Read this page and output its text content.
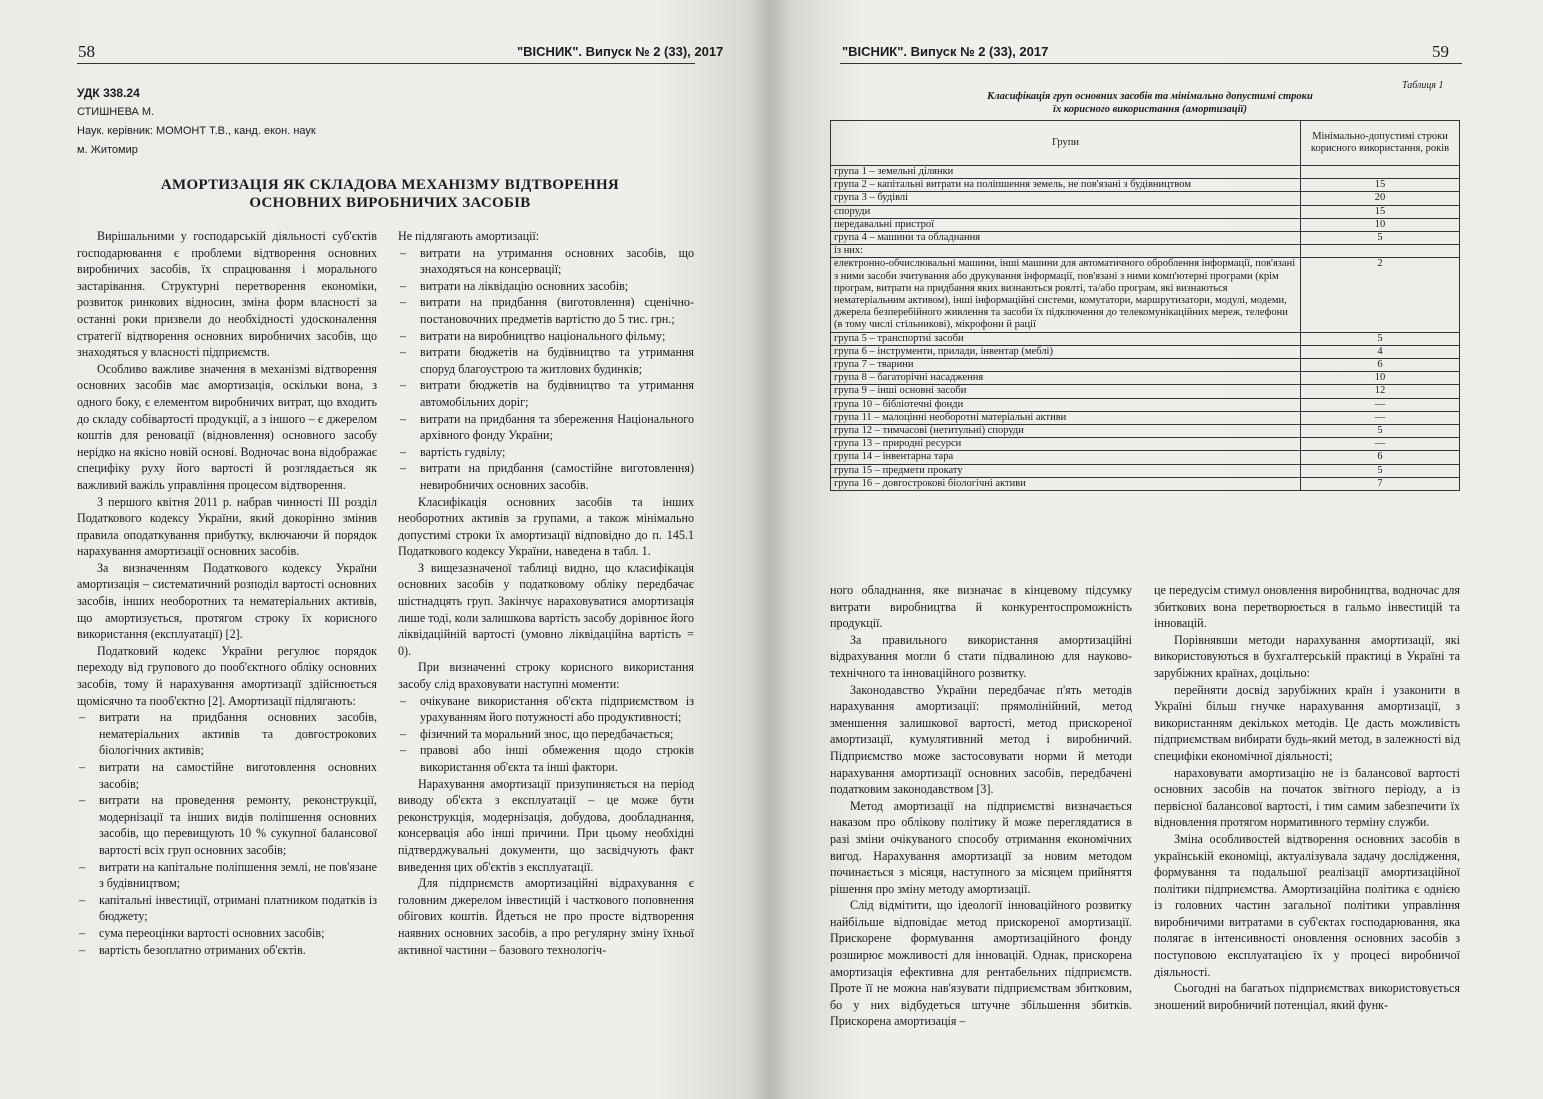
58	"ВІСНИК". Випуск № 2 (33), 2017
УДК 338.24
СТИШНЕВА М.
Наук. керівник: МОМОНТ Т.В., канд. екон. наук
м. Житомир
АМОРТИЗАЦІЯ ЯК СКЛАДОВА МЕХАНІЗМУ ВІДТВОРЕННЯ
ОСНОВНИХ ВИРОБНИЧИХ ЗАСОБІВ

Вирішальними у господарській діяльності суб'єктів господарювання є проблеми відтворення основних виробничих засобів, їх спрацювання і морального застарівання. Структурні перетворення економіки, розвиток ринкових відносин, зміна форм власності за останні роки призвели до необхідності удосконалення стратегії відтворення основних виробничих засобів, що знаходяться у власності підприємств.

Особливо важливе значення в механізмі відтворення основних засобів має амортизація, оскільки вона, з одного боку, є елементом виробничих витрат, що входить до складу собівартості продукції, а з іншого – є джерелом коштів для реновації (відновлення) основного засобу нерідко на якісно новій основі. Водночас вона відображає специфіку руху його вартості й розглядається як важливий важіль управління процесом відтворення.

З першого квітня 2011 р. набрав чинності ІІІ розділ Податкового кодексу України, який докорінно змінив правила оподаткування прибутку, включаючи й порядок нарахування амортизації основних засобів.

За визначенням Податкового кодексу України амортизація – систематичний розподіл вартості основних засобів, інших необоротних та нематеріальних активів, що амортизується, протягом строку їх корисного використання (експлуатації) [2].

Податковий кодекс України регулює порядок переходу від групового до пооб'єктного обліку основних засобів, тому й нарахування амортизації здійснюється щомісячно та пооб'єктно [2]. Амортизації підлягають:

– витрати на придбання основних засобів, нематеріальних активів та довгострокових біологічних активів;
– витрати на самостійне виготовлення основних засобів;
– витрати на проведення ремонту, реконструкції, модернізації та інших видів поліпшення основних засобів, що перевищують 10 % сукупної балансової вартості всіх груп основних засобів;
– витрати на капітальне поліпшення землі, не пов'язане з будівництвом;
– капітальні інвестиції, отримані платником податків із бюджету;
– сума переоцінки вартості основних засобів;
– вартість безоплатно отриманих об'єктів.

Не підлягають амортизації:

– витрати на утримання основних засобів, що знаходяться на консервації;
– витрати на ліквідацію основних засобів;
– витрати на придбання (виготовлення) сценічно-постановочних предметів вартістю до 5 тис. грн.;
– витрати на виробництво національного фільму;
– витрати бюджетів на будівництво та утримання споруд благоустрою та житлових будинків;
– витрати бюджетів на будівництво та утримання автомобільних доріг;
– витрати на придбання та збереження Національного архівного фонду України;
– вартість гудвілу;
– витрати на придбання (самостійне виготовлення) невиробничих основних засобів.

Класифікація основних засобів та інших необоротних активів за групами, а також мінімально допустимі строки їх амортизації відповідно до п. 145.1 Податкового кодексу України, наведена в табл. 1.

З вищезазначеної таблиці видно, що класифікація основних засобів у податковому обліку передбачає шістнадцять груп. Закінчує нараховуватися амортизація лише тоді, коли залишкова вартість засобу дорівнює його ліквідаційній вартості (умовно ліквідаційна вартість = 0).

При визначенні строку корисного використання засобу слід враховувати наступні моменти:

– очікуване використання об'єкта підприємством із урахуванням його потужності або продуктивності;
– фізичний та моральний знос, що передбачається;
– правові або інші обмеження щодо строків використання об'єкта та інші фактори.

Нарахування амортизації призупиняється на період виводу об'єкта з експлуатації – це може бути реконструкція, модернізація, добудова, дообладнання, консервація або інші причини. При цьому необхідні підтверджувальні документи, що засвідчують факт виведення цих об'єктів з експлуатації.

Для підприємств амортизаційні відрахування є головним джерелом інвестицій і часткового поповнення обігових коштів. Йдеться не про просте відтворення наявних основних засобів, а про регулярну зміну їхньої активної частини – базового технологіч-

"ВІСНИК". Випуск № 2 (33), 2017	59
Таблиця 1
Класифікація груп основних засобів та мінімально допустимі строки
їх корисного використання (амортизації)
Групи	Мінімально-допустимі строки корисного використання, років
група 1 – земельні ділянки	
група 2 – капітальні витрати на поліпшення земель, не пов'язані з будівництвом	15
група 3 – будівлі	20
споруди	15
передавальні пристрої	10
група 4 – машини та обладнання	5
із них:	
електронно-обчислювальні машини, інші машини для автоматичного оброблення інформації, пов'язані з ними засоби зчитування або друкування інформації, пов'язані з ними комп'ютерні програми (крім програм, витрати на придбання яких визнаються роялті, та/або програм, які визнаються нематеріальним активом), інші інформаційні системи, комутатори, маршрутизатори, модулі, модеми, джерела безперебійного живлення та засоби їх підключення до телекомунікаційних мереж, телефони (в тому числі стільникові), мікрофони й рації	2
група 5 – транспортні засоби	5
група 6 – інструменти, прилади, інвентар (меблі)	4
група 7 – тварини	6
група 8 – багаторічні насадження	10
група 9 – інші основні засоби	12
група 10 – бібліотечні фонди	—
група 11 – малоцінні необоротні матеріальні активи	—
група 12 – тимчасові (нетитульні) споруди	5
група 13 – природні ресурси	—
група 14 – інвентарна тара	6
група 15 – предмети прокату	5
група 16 – довгострокові біологічні активи	7

ного обладнання, яке визначає в кінцевому підсумку витрати виробництва й конкурентоспроможність продукції.

За правильного використання амортизаційні відрахування могли б стати підвалиною для науково-технічного та інноваційного розвитку.

Законодавство України передбачає п'ять методів нарахування амортизації: прямолінійний, метод зменшення залишкової вартості, метод прискореної амортизації, кумулятивний метод і виробничий. Підприємство може застосовувати норми й методи нарахування амортизації основних засобів, передбачені податковим законодавством [3].

Метод амортизації на підприємстві визначається наказом про облікову політику й може переглядатися в разі зміни очікуваного способу отримання економічних вигод. Нарахування амортизації за новим методом починається з місяця, наступного за місяцем прийняття рішення про зміну методу амортизації.

Слід відмітити, що ідеології інноваційного розвитку найбільше відповідає метод прискореної амортизації. Прискорене формування амортизаційного фонду розширює можливості для інновацій. Однак, прискорена амортизація ефективна для рентабельних підприємств. Проте її не можна нав'язувати підприємствам збитковим, бо у них відбудеться штучне збільшення збитків. Прискорена амортизація –

це передусім стимул оновлення виробництва, водночас для збиткових вона перетворюється в гальмо інвестицій та інновацій.

Порівнявши методи нарахування амортизації, які використовуються в бухгалтерській практиці в Україні та зарубіжних країнах, доцільно:

перейняти досвід зарубіжних країн і узаконити в Україні більш гнучке нарахування амортизації, з використанням декількох методів. Це дасть можливість підприємствам вибирати будь-який метод, в залежності від специфіки економічної діяльності;

нараховувати амортизацію не із балансової вартості основних засобів на початок звітного періоду, а із первісної балансової вартості, і тим самим забезпечити їх відновлення протягом нормативного терміну служби.

Зміна особливостей відтворення основних засобів в українській економіці, актуалізувала задачу дослідження, формування та подальшої реалізації амортизаційної політики підприємства. Амортизаційна політика є однією із головних частин загальної політики управління виробничими витратами в суб'єктах господарювання, яка полягає в інтенсивності оновлення основних засобів з поступовою експлуатацією їх у процесі виробничої діяльності.

Сьогодні на багатьох підприємствах використовується зношений виробничий потенціал, який функ-
